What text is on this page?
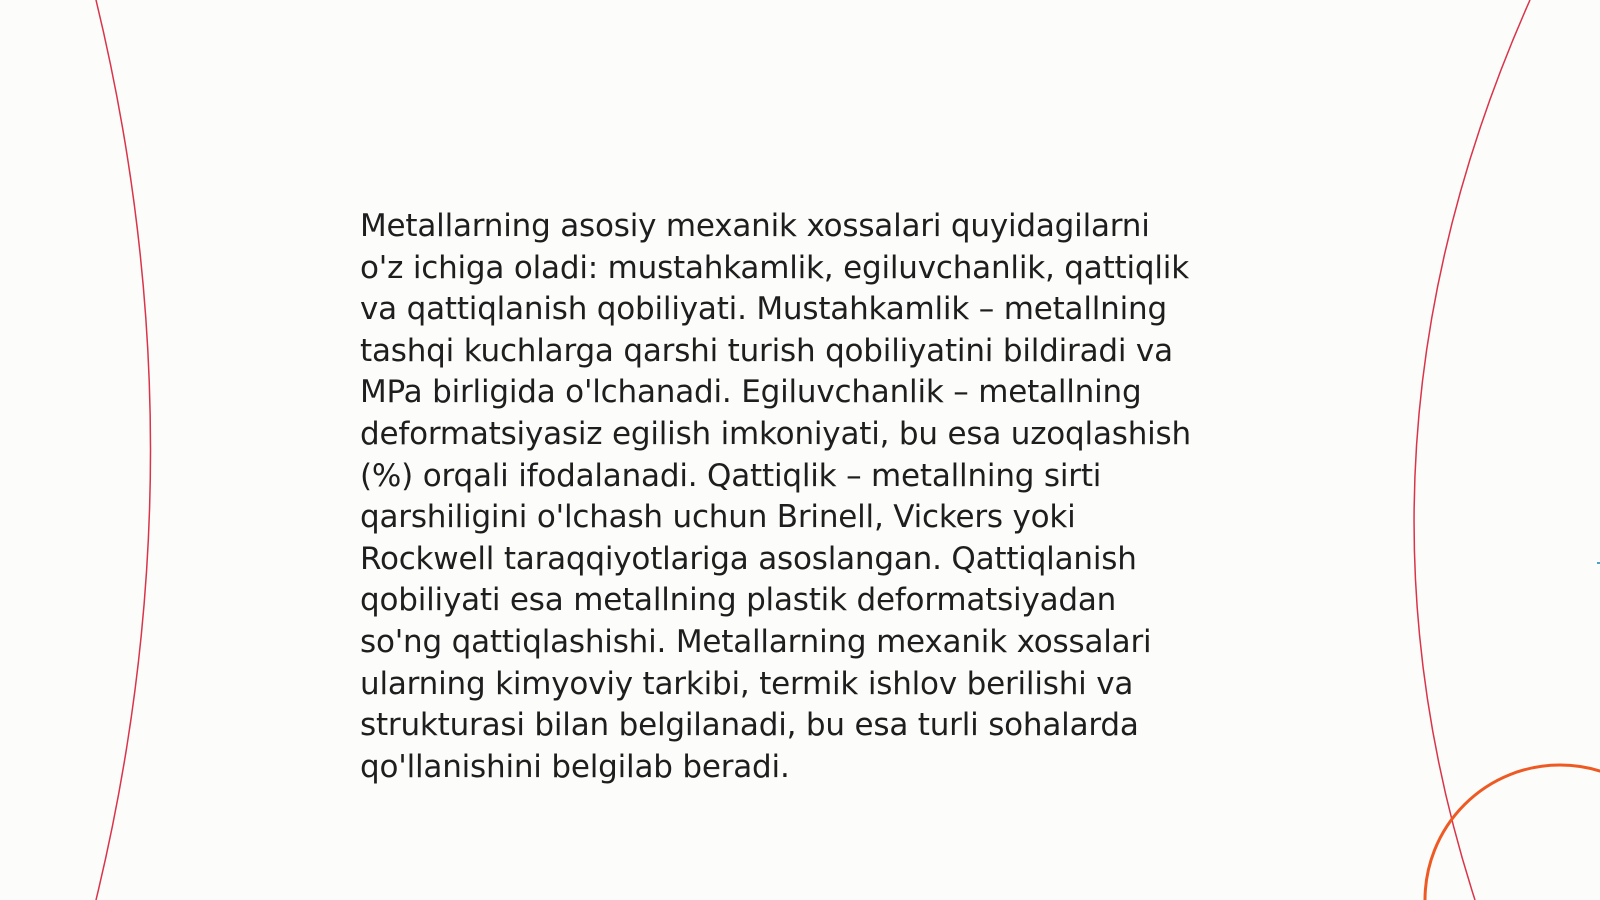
Metallarning asosiy mexanik xossalari quyidagilarni
o'z ichiga oladi: mustahkamlik, egiluvchanlik, qattiqlik
va qattiqlanish qobiliyati. Mustahkamlik – metallning
tashqi kuchlarga qarshi turish qobiliyatini bildiradi va
MPa birligida o'lchanadi. Egiluvchanlik – metallning
deformatsiyasiz egilish imkoniyati, bu esa uzoqlashish
(%) orqali ifodalanadi. Qattiqlik – metallning sirti
qarshiligini o'lchash uchun Brinell, Vickers yoki
Rockwell taraqqiyotlariga asoslangan. Qattiqlanish
qobiliyati esa metallning plastik deformatsiyadan
so'ng qattiqlashishi. Metallarning mexanik xossalari
ularning kimyoviy tarkibi, termik ishlov berilishi va
strukturasi bilan belgilanadi, bu esa turli sohalarda
qo'llanishini belgilab beradi.
